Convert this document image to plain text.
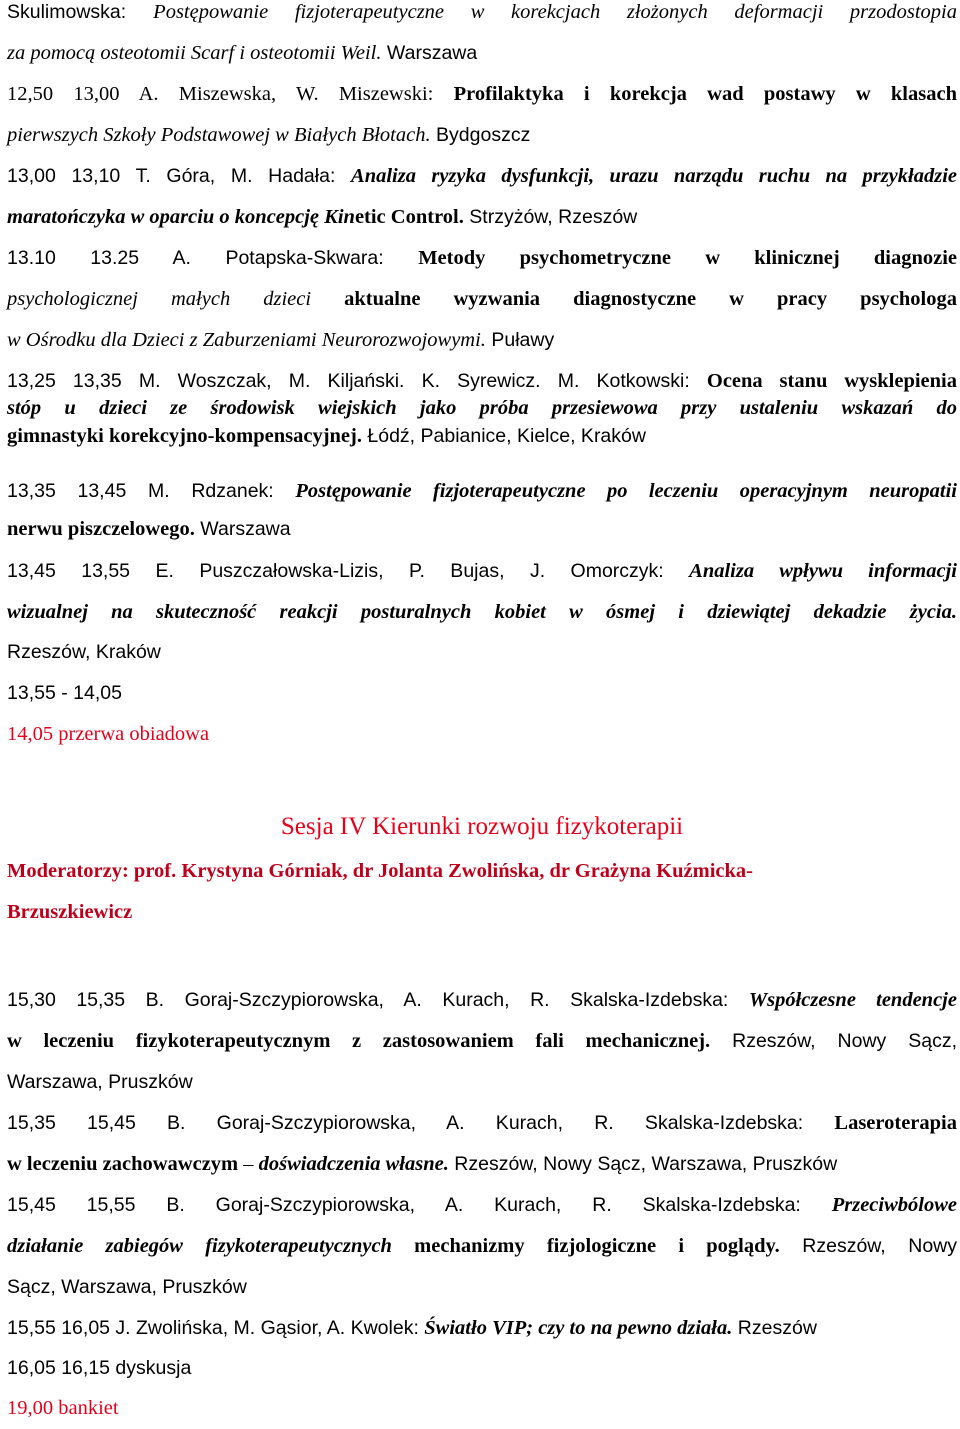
Skulimowska: Postępowanie fizjoterapeutyczne w korekcjach złożonych deformacji przodostopia

za pomocą osteotomii Scarf i osteotomii Weil. Warszawa

12,50 13,00 A. Miszewska, W. Miszewski: Profilaktyka i korekcja wad postawy w klasach

pierwszych Szkoły Podstawowej w Białych Błotach. Bydgoszcz

13,00 13,10 T. Góra, M. Hadała: Analiza ryzyka dysfunkcji, urazu narządu ruchu na przykładzie

maratończyka w oparciu o koncepcję Kinetic Control. Strzyżów, Rzeszów

13.10 13.25 A. Potapska-Skwara: Metody psychometryczne w klinicznej diagnozie

psychologicznej małych dzieci aktualne wyzwania diagnostyczne w pracy psychologa

w Ośrodku dla Dzieci z Zaburzeniami Neurorozwojowymi. Puławy

13,25 13,35 M. Woszczak, M. Kiljański. K. Syrewicz. M. Kotkowski: Ocena stanu wysklepienia

stóp u dzieci ze środowisk wiejskich jako próba przesiewowa przy ustaleniu wskazań do

gimnastyki korekcyjno-kompensacyjnej. Łódź, Pabianice, Kielce, Kraków

13,35 13,45 M. Rdzanek: Postępowanie fizjoterapeutyczne po leczeniu operacyjnym neuropatii

nerwu piszczelowego. Warszawa

13,45 13,55 E. Puszczałowska-Lizis, P. Bujas, J. Omorczyk: Analiza wpływu informacji

wizualnej na skuteczność reakcji posturalnych kobiet w ósmej i dziewiątej dekadzie życia.

Rzeszów, Kraków

13,55 - 14,05

14,05 przerwa obiadowa

Sesja IV Kierunki rozwoju fizykoterapii

Moderatorzy: prof. Krystyna Górniak, dr Jolanta Zwolińska, dr Grażyna Kuźmicka-

Brzuszkiewicz

15,30 15,35 B. Goraj-Szczypiorowska, A. Kurach, R. Skalska-Izdebska: Współczesne tendencje

w leczeniu fizykoterapeutycznym z zastosowaniem fali mechanicznej. Rzeszów, Nowy Sącz,

Warszawa, Pruszków

15,35 15,45 B. Goraj-Szczypiorowska, A. Kurach, R. Skalska-Izdebska: Laseroterapia

w leczeniu zachowawczym – doświadczenia własne. Rzeszów, Nowy Sącz, Warszawa, Pruszków

15,45 15,55 B. Goraj-Szczypiorowska, A. Kurach, R. Skalska-Izdebska: Przeciwbólowe

działanie zabiegów fizykoterapeutycznych mechanizmy fizjologiczne i poglądy. Rzeszów, Nowy

Sącz, Warszawa, Pruszków

15,55 16,05 J. Zwolińska, M. Gąsior, A. Kwolek: Światło VIP; czy to na pewno działa. Rzeszów

16,05 16,15 dyskusja

19,00 bankiet
